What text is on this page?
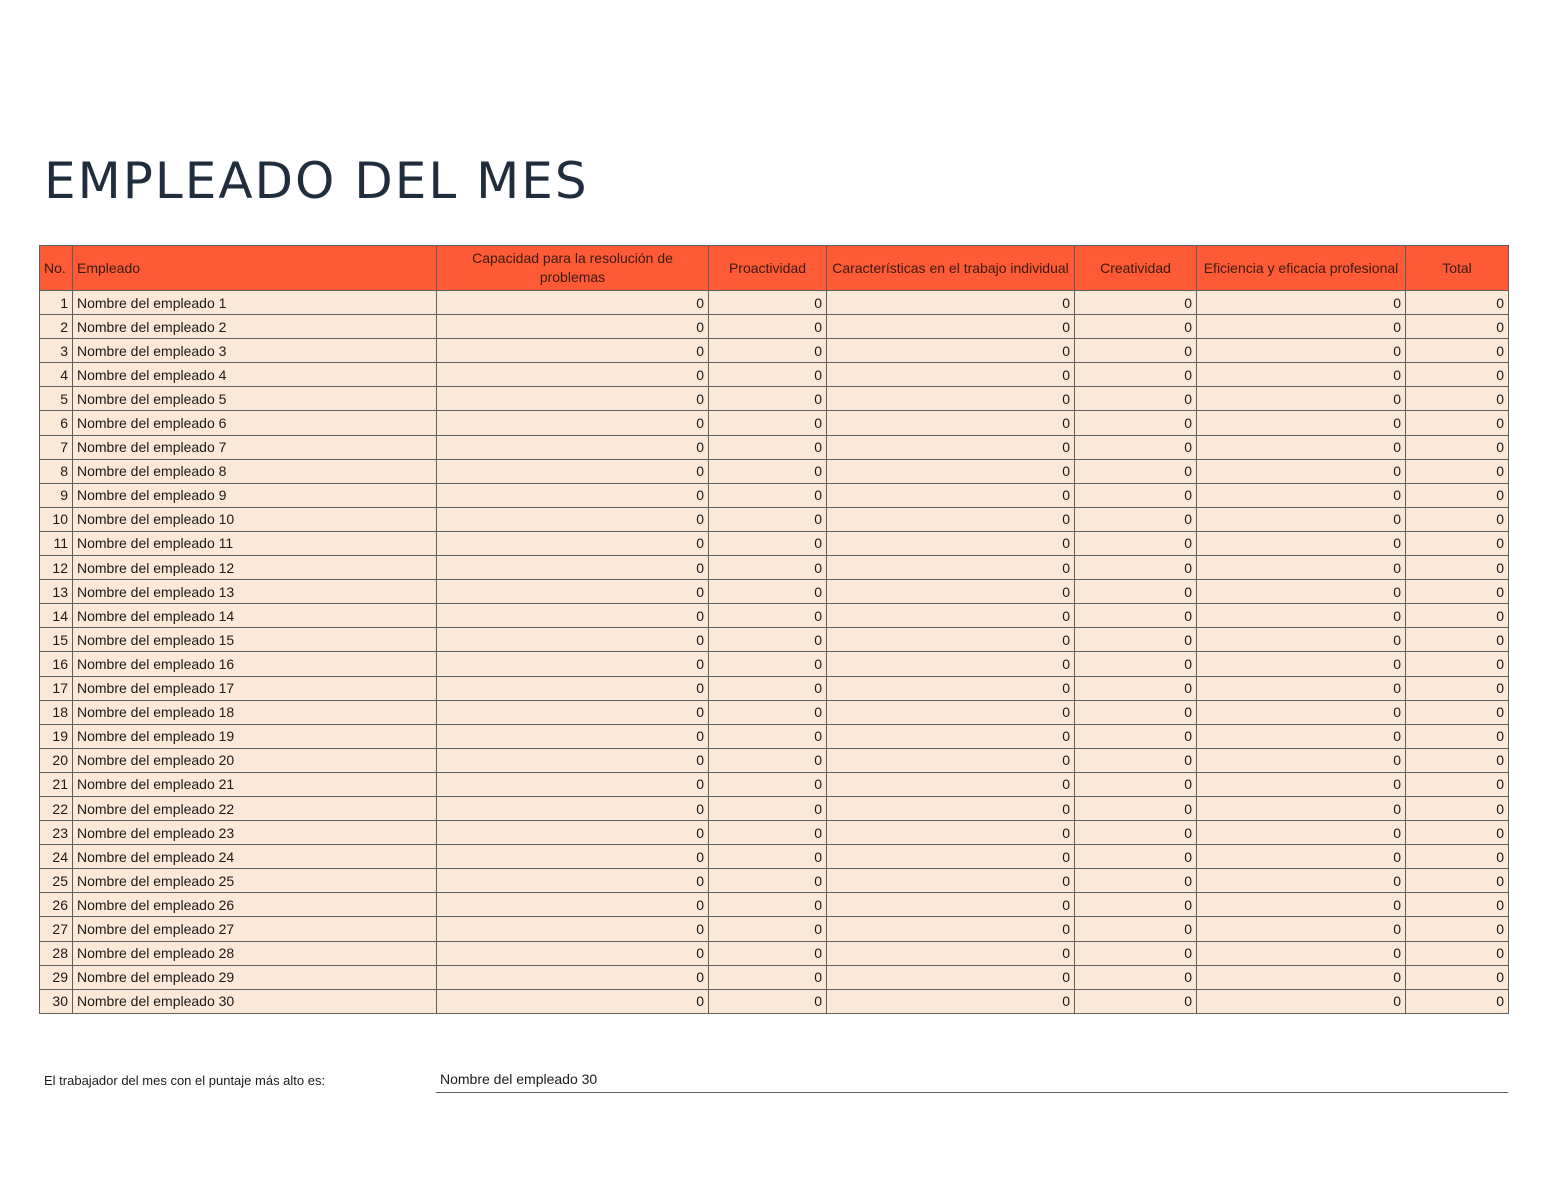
EMPLEADO DEL MES
No.	Empleado	Capacidad para la resolución de problemas	Proactividad	Características en el trabajo individual	Creatividad	Eficiencia y eficacia profesional	Total
1	Nombre del empleado 1	0	0	0	0	0	0
2	Nombre del empleado 2	0	0	0	0	0	0
3	Nombre del empleado 3	0	0	0	0	0	0
4	Nombre del empleado 4	0	0	0	0	0	0
5	Nombre del empleado 5	0	0	0	0	0	0
6	Nombre del empleado 6	0	0	0	0	0	0
7	Nombre del empleado 7	0	0	0	0	0	0
8	Nombre del empleado 8	0	0	0	0	0	0
9	Nombre del empleado 9	0	0	0	0	0	0
10	Nombre del empleado 10	0	0	0	0	0	0
11	Nombre del empleado 11	0	0	0	0	0	0
12	Nombre del empleado 12	0	0	0	0	0	0
13	Nombre del empleado 13	0	0	0	0	0	0
14	Nombre del empleado 14	0	0	0	0	0	0
15	Nombre del empleado 15	0	0	0	0	0	0
16	Nombre del empleado 16	0	0	0	0	0	0
17	Nombre del empleado 17	0	0	0	0	0	0
18	Nombre del empleado 18	0	0	0	0	0	0
19	Nombre del empleado 19	0	0	0	0	0	0
20	Nombre del empleado 20	0	0	0	0	0	0
21	Nombre del empleado 21	0	0	0	0	0	0
22	Nombre del empleado 22	0	0	0	0	0	0
23	Nombre del empleado 23	0	0	0	0	0	0
24	Nombre del empleado 24	0	0	0	0	0	0
25	Nombre del empleado 25	0	0	0	0	0	0
26	Nombre del empleado 26	0	0	0	0	0	0
27	Nombre del empleado 27	0	0	0	0	0	0
28	Nombre del empleado 28	0	0	0	0	0	0
29	Nombre del empleado 29	0	0	0	0	0	0
30	Nombre del empleado 30	0	0	0	0	0	0
El trabajador del mes con el puntaje más alto es:	Nombre del empleado 30
